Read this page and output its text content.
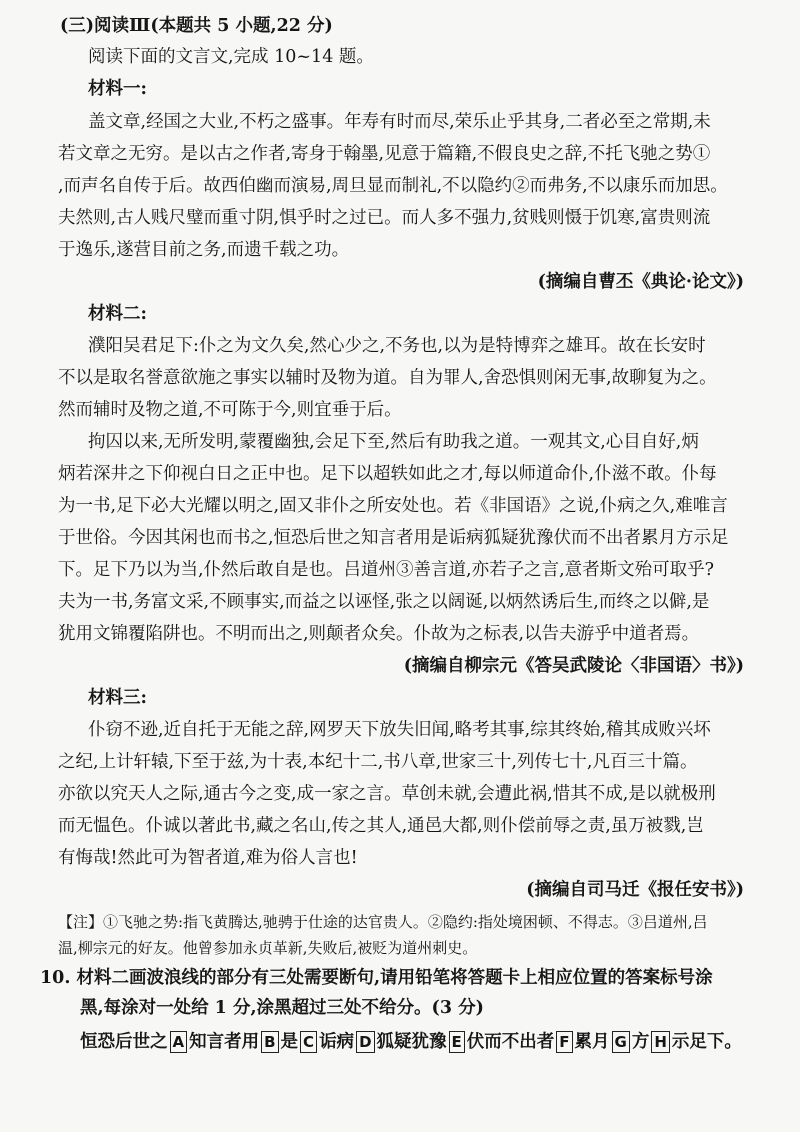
(三)阅读Ⅲ(本题共 5 小题,22 分)
阅读下面的文言文,完成 10~14 题。
材料一:
盖文章,经国之大业,不朽之盛事。年寿有时而尽,荣乐止乎其身,二者必至之常期,未
若文章之无穷。是以古之作者,寄身于翰墨,见意于篇籍,不假良史之辞,不托飞驰之势①
,而声名自传于后。故西伯幽而演易,周旦显而制礼,不以隐约②而弗务,不以康乐而加思。
夫然则,古人贱尺璧而重寸阴,惧乎时之过已。而人多不强力,贫贱则慑于饥寒,富贵则流
于逸乐,遂营目前之务,而遗千载之功。
(摘编自曹丕《典论·论文》)
材料二:
濮阳吴君足下:仆之为文久矣,然心少之,不务也,以为是特博弈之雄耳。故在长安时
不以是取名誉意欲施之事实以辅时及物为道。自为罪人,舍恐惧则闲无事,故聊复为之。
然而辅时及物之道,不可陈于今,则宜垂于后。
拘囚以来,无所发明,蒙覆幽独,会足下至,然后有助我之道。一观其文,心目自好,炳
炳若深井之下仰视白日之正中也。足下以超轶如此之才,每以师道命仆,仆滋不敢。仆每
为一书,足下必大光耀以明之,固又非仆之所安处也。若《非国语》之说,仆病之久,难唯言
于世俗。今因其闲也而书之,恒恐后世之知言者用是诟病狐疑犹豫伏而不出者累月方示足
下。足下乃以为当,仆然后敢自是也。吕道州③善言道,亦若子之言,意者斯文殆可取乎?
夫为一书,务富文采,不顾事实,而益之以诬怪,张之以阔诞,以炳然诱后生,而终之以僻,是
犹用文锦覆陷阱也。不明而出之,则颠者众矣。仆故为之标表,以告夫游乎中道者焉。
(摘编自柳宗元《答吴武陵论〈非国语〉书》)
材料三:
仆窃不逊,近自托于无能之辞,网罗天下放失旧闻,略考其事,综其终始,稽其成败兴坏
之纪,上计轩辕,下至于兹,为十表,本纪十二,书八章,世家三十,列传七十,凡百三十篇。
亦欲以究天人之际,通古今之变,成一家之言。草创未就,会遭此祸,惜其不成,是以就极刑
而无愠色。仆诚以著此书,藏之名山,传之其人,通邑大都,则仆偿前辱之责,虽万被戮,岂
有悔哉!然此可为智者道,难为俗人言也!
(摘编自司马迁《报任安书》)
【注】①飞驰之势:指飞黄腾达,驰骋于仕途的达官贵人。②隐约:指处境困顿、不得志。③吕道州,吕
温,柳宗元的好友。他曾参加永贞革新,失败后,被贬为道州刺史。
10. 材料二画波浪线的部分有三处需要断句,请用铅笔将答题卡上相应位置的答案标号涂
黑,每涂对一处给 1 分,涂黑超过三处不给分。(3 分)
恒恐后世之 A 知言者用 B 是 C 诟病 D 狐疑犹豫 E 伏而不出者 F 累月 G 方 H 示足下。
